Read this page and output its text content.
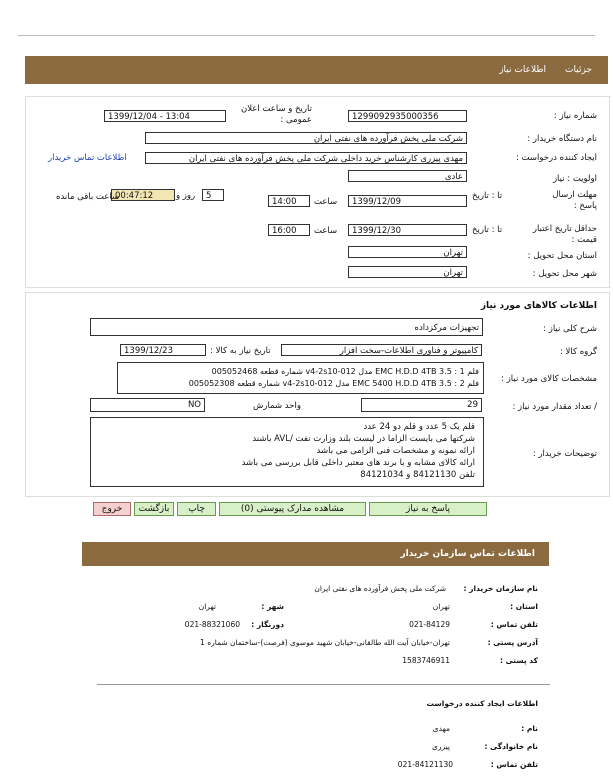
جزئیات
اطلاعات نیاز
شماره نیاز :
1299092935000356
تاریخ و ساعت اعلان عمومی :
1399/12/04 - 13:04
نام دستگاه خریدار :
شرکت ملی پخش فرآورده های نفتی ایران
ایجاد کننده درخواست :
مهدی پیزری کارشناس خرید داخلی شرکت ملی پخش فرآورده های نفتی ایران
اطلاعات تماس خریدار
اولویت : نیاز
عادی
مهلت ارسال پاسخ :
تا : تاریخ
1399/12/09
ساعت
14:00
5
روز و
00:47:12
ساعت باقی مانده
حداقل تاریخ اعتبار قیمت :
تا : تاریخ
1399/12/30
ساعت
16:00
استان محل تحویل :
تهران
شهر محل تحویل :
تهران
اطلاعات کالاهای مورد نیاز
شرح کلی نیاز :
تجهیزات مرکزداده
گروه کالا :
کامپیوتر و فناوری اطلاعات-سخت افزار
تاریخ نیاز به کالا :
1399/12/23
مشخصات کالای مورد نیاز :
فلم 1 : EMC H.D.D 4TB 3.5 مدل v4-2s10-012 شماره قطعه 005052468
فلم 2 : EMC 5400 H.D.D 4TB 3.5 مدل v4-2s10-012 شماره قطعه 005052308
/ تعداد مقدار مورد نیاز :
29
واحد شمارش
NO
توضیحات خریدار :
قلم یک 5 عدد و قلم دو 24 عدد
شرکتها می بایست الزاما در لیست بلند وزارت نفت /AVL باشند
ارائه نمونه و مشخصات فنی الزامی می باشد
ارائه کالای مشابه و با برند های معتبر داخلی قابل بررسی می باشد
تلفن 84121130 و 84121034
پاسخ به نیاز
مشاهده مدارک پیوستی (0)
چاپ
بازگشت
خروج
اطلاعات تماس سازمان خریدار
نام سازمان خریدار :
شرکت ملی پخش فرآورده های نفتی ایران
استان :
تهران
شهر :
تهران
تلفن تماس :
021-84129
دورنگار :
021-88321060
آدرس پستی :
تهران-خیابان آیت الله طالقانی-خیابان شهید موسوی (فرصت)-ساختمان شماره 1
کد پستی :
1583746911
اطلاعات ایجاد کننده درخواست
نام :
مهدی
نام خانوادگی :
پیزری
تلفن تماس :
021-84121130
